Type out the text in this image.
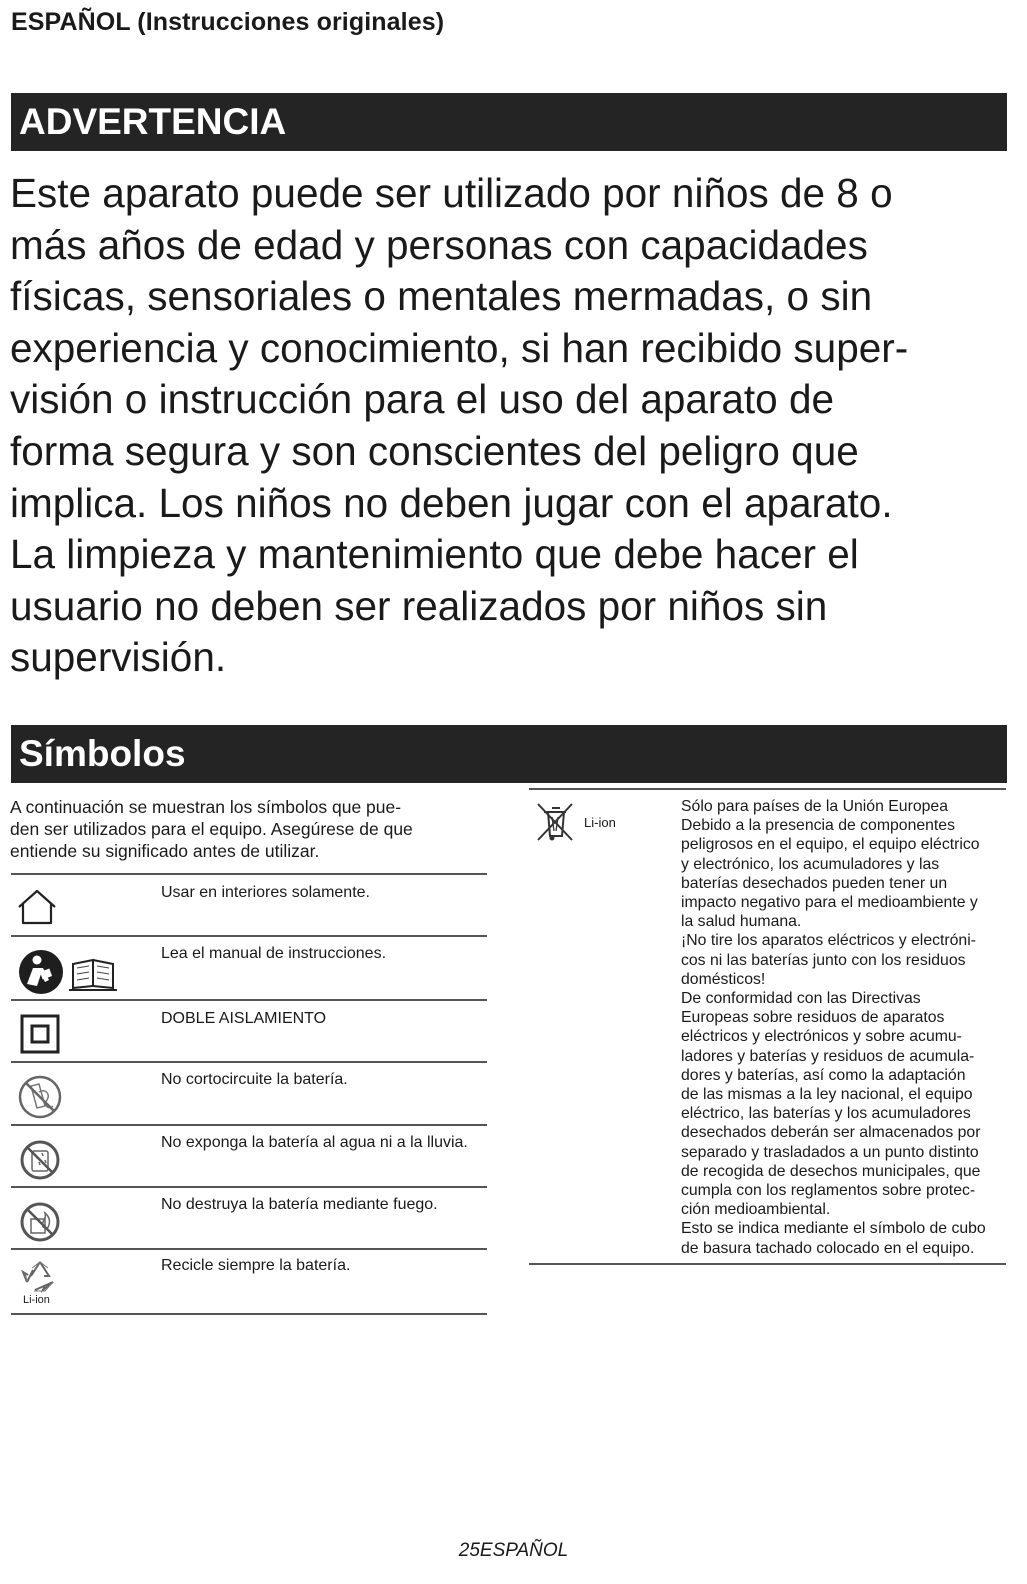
ESPAÑOL (Instrucciones originales)
ADVERTENCIA
Este aparato puede ser utilizado por niños de 8 o
más años de edad y personas con capacidades
físicas, sensoriales o mentales mermadas, o sin
experiencia y conocimiento, si han recibido super-
visión o instrucción para el uso del aparato de
forma segura y son conscientes del peligro que
implica. Los niños no deben jugar con el aparato.
La limpieza y mantenimiento que debe hacer el
usuario no deben ser realizados por niños sin
supervisión.
Símbolos
A continuación se muestran los símbolos que pue-
den ser utilizados para el equipo. Asegúrese de que
entiende su significado antes de utilizar.
Usar en interiores solamente.
Lea el manual de instrucciones.
DOBLE AISLAMIENTO
No cortocircuite la batería.
No exponga la batería al agua ni a la lluvia.
No destruya la batería mediante fuego.
Li-ion
Recicle siempre la batería.
Li-ion
Sólo para países de la Unión Europea
Debido a la presencia de componentes
peligrosos en el equipo, el equipo eléctrico
y electrónico, los acumuladores y las
baterías desechados pueden tener un
impacto negativo para el medioambiente y
la salud humana.
¡No tire los aparatos eléctricos y electróni-
cos ni las baterías junto con los residuos
domésticos!
De conformidad con las Directivas
Europeas sobre residuos de aparatos
eléctricos y electrónicos y sobre acumu-
ladores y baterías y residuos de acumula-
dores y baterías, así como la adaptación
de las mismas a la ley nacional, el equipo
eléctrico, las baterías y los acumuladores
desechados deberán ser almacenados por
separado y trasladados a un punto distinto
de recogida de desechos municipales, que
cumpla con los reglamentos sobre protec-
ción medioambiental.
Esto se indica mediante el símbolo de cubo
de basura tachado colocado en el equipo.
25ESPAÑOL
